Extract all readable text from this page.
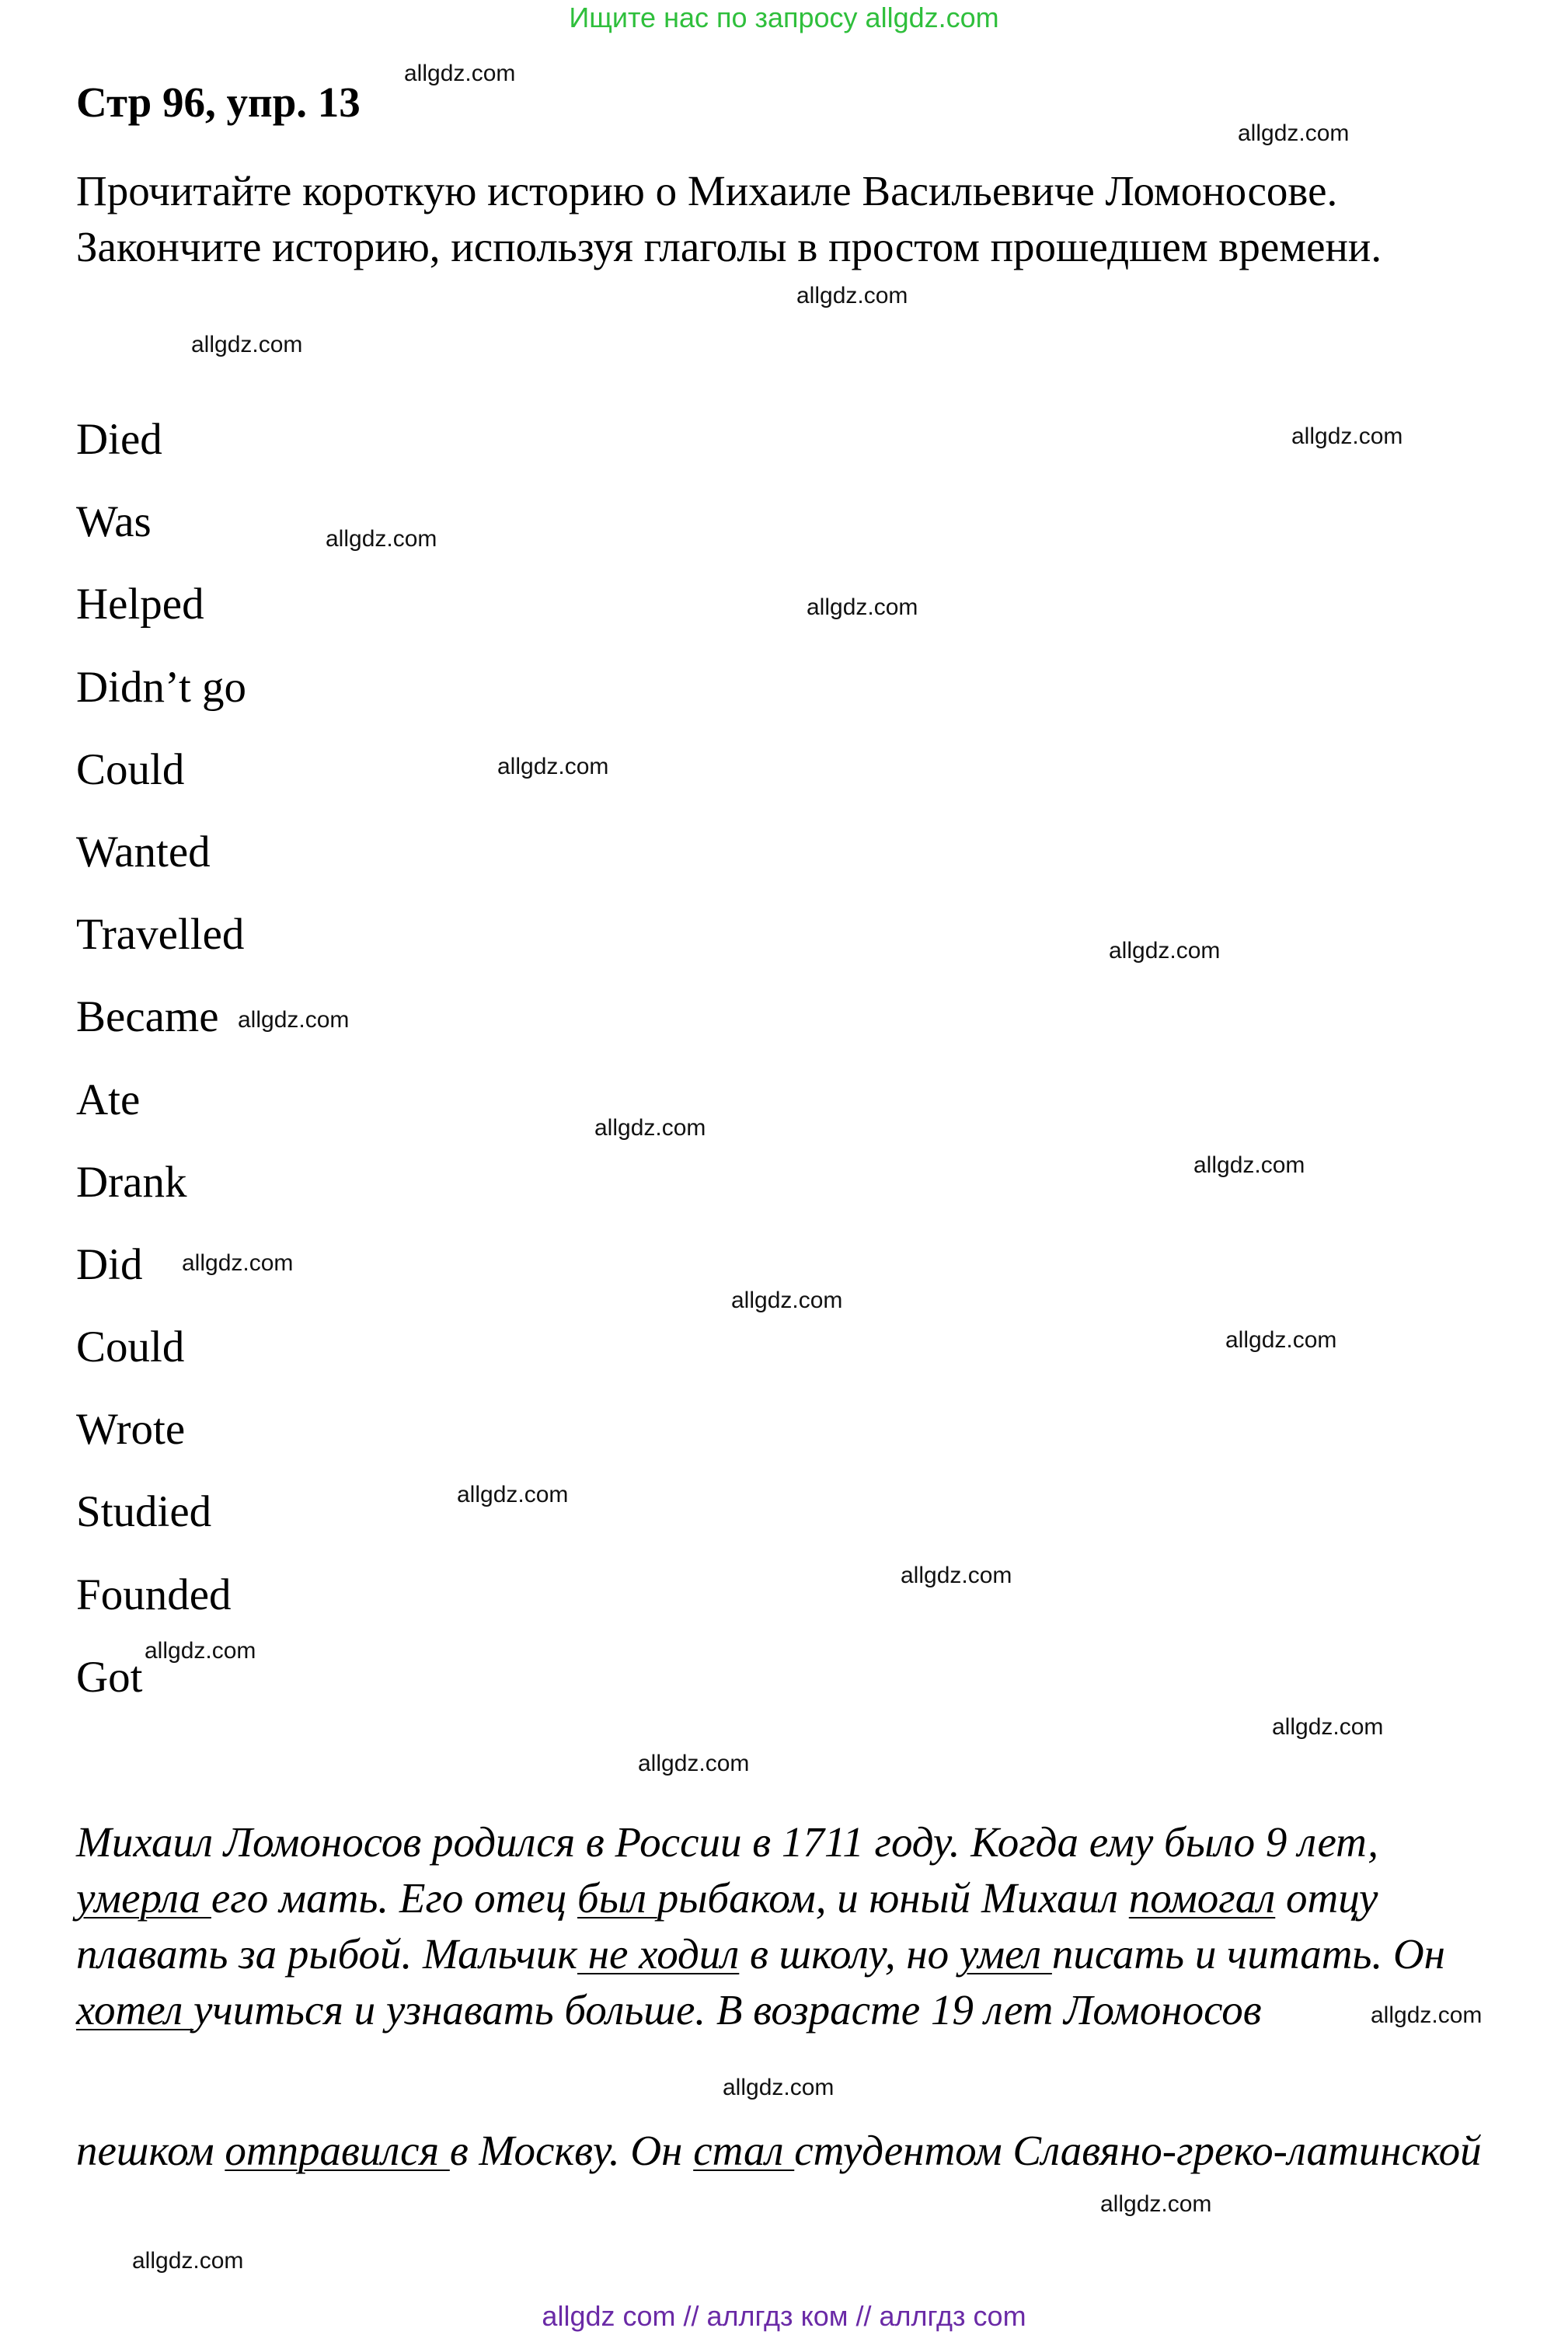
Ищите нас по запросу allgdz.com
Стр 96, упр. 13
Прочитайте короткую историю о Михаиле Васильевиче Ломоносове. Закончите историю, используя глаголы в простом прошедшем времени.
Died
Was
Helped
Didn’t go
Could
Wanted
Travelled
Became
Ate
Drank
Did
Could
Wrote
Studied
Founded
Got
Михаил Ломоносов родился в России в 1711 году. Когда ему было 9 лет, умерла его мать. Его отец был рыбаком, и юный Михаил помогал отцу плавать за рыбой. Мальчик не ходил в школу, но умел писать и читать. Он хотел учиться и узнавать больше. В возрасте 19 лет Ломоносов
пешком отправился в Москву. Он стал студентом Славяно-греко-латинской
allgdz.com
allgdz.com
allgdz.com
allgdz.com
allgdz.com
allgdz.com
allgdz.com
allgdz.com
allgdz.com
allgdz.com
allgdz.com
allgdz.com
allgdz.com
allgdz.com
allgdz.com
allgdz.com
allgdz.com
allgdz.com
allgdz.com
allgdz.com
allgdz.com
allgdz.com
allgdz.com
allgdz.com
allgdz com // аллгдз ком // аллгдз com
